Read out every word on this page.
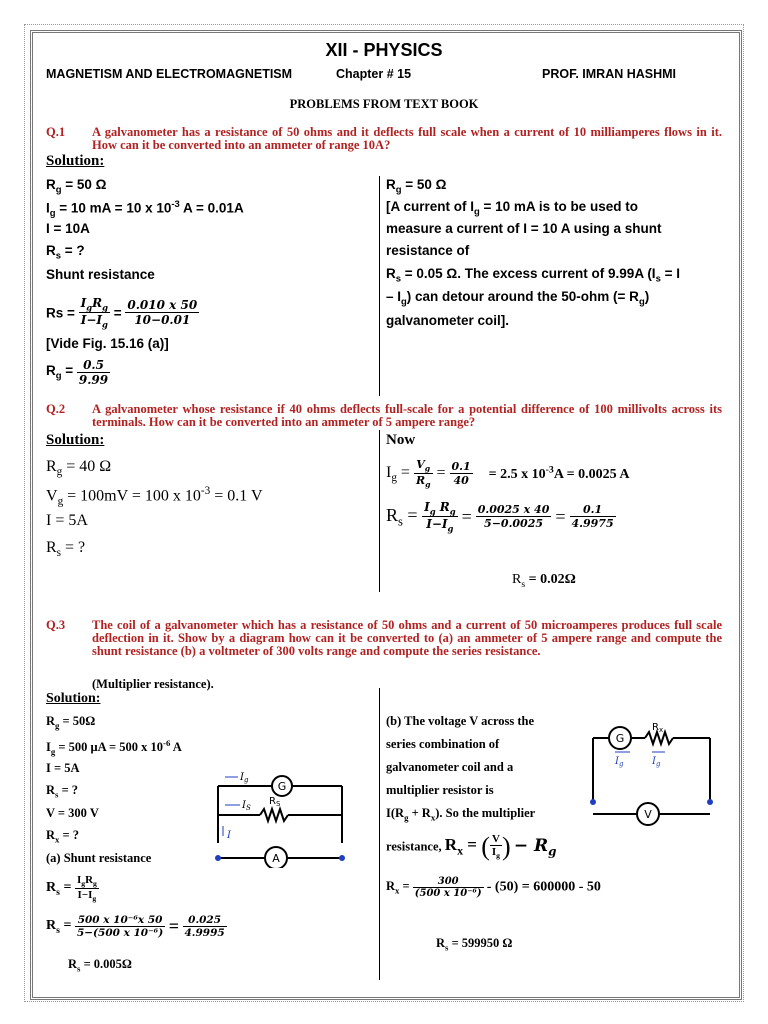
XII - PHYSICS
MAGNETISM AND ELECTROMAGNETISM	Chapter # 15	PROF. IMRAN HASHMI
PROBLEMS FROM TEXT BOOK
Q.1 A galvanometer has a resistance of 50 ohms and it deflects full scale when a current of 10 milliamperes flows in it. How can it be converted into an ammeter of range 10A?
Solution:
$R_g = 50$ Ω
$I_g = 10$ mA = 10 x $10^{-3}$ A = 0.01A
I = 10A
$R_s$ = ?
Shunt resistance
$Rs = \frac{I_gR_g}{I-I_g} = \frac{0.010 x 50}{10-0.01}$
[Vide Fig. 15.16 (a)]
$R_g = \frac{0.5}{9.99}$
$R_g = 50$ Ω
[A current of $I_g = 10$ mA is to be used to
measure a current of I = 10 A using a shunt
resistance of
$R_s = 0.05$ Ω. The excess current of 9.99A ($I_s = I$
– $I_g$) can detour around the 50-ohm (= $R_g$)
galvanometer coil].
Q.2 A galvanometer whose resistance if 40 ohms deflects full-scale for a potential difference of 100 millivolts across its terminals. How can it be converted into an ammeter of 5 ampere range?
Solution:	Now
$R_g = 40$ Ω
$V_g = 100mV = 100$ x $10^{-3} = 0.1$ V
I = 5A
$R_s$ = ?
$I_g = \frac{V_g}{R_g} = \frac{0.1}{40} = 2.5$ x $10^{-3}A = 0.0025$ A
$R_s = \frac{I_g R_g}{I-I_g} = \frac{0.0025 x 40}{5-0.0025} = \frac{0.1}{4.9975}$
$R_s = 0.02\Omega$
Q.3 The coil of a galvanometer which has a resistance of 50 ohms and a current of 50 microamperes produces full scale deflection in it. Show by a diagram how can it be converted to (a) an ammeter of 5 ampere range and compute the shunt resistance (b) a voltmeter of 300 volts range and compute the series resistance.
(Multiplier resistance).
Solution:
$R_g = 50\Omega$
$I_g = 500$ μA = 500 x $10^{-6}$ A
I = 5A
$R_s$ = ?
V = 300 V
$R_x$ = ?
(a) Shunt resistance
$R_s = \frac{I_gR_g}{I-I_g}$
$R_s = \frac{\text{500 x 10⁻⁶x 50}}{\text{5−(500 x 10⁻⁶)}} = \frac{0.025}{4.9995}$
$R_s = 0.005\Omega$
(b) The voltage V across the
series combination of
galvanometer coil and a
multiplier resistor is
$I(R_g + R_x)$. So the multiplier
resistance, $R_x$ = ( $\frac{V}{I_g}$ ) − $R_g$
$R_x = \frac{300}{\text{(500 x 10⁻⁶)}} - (50) = 600000 - 50$
$R_s = 599950$ Ω
$I_g$
$I_S$
$R_S$
I
G
A
G
V
$R_x$
$I_g$	$I_g$
